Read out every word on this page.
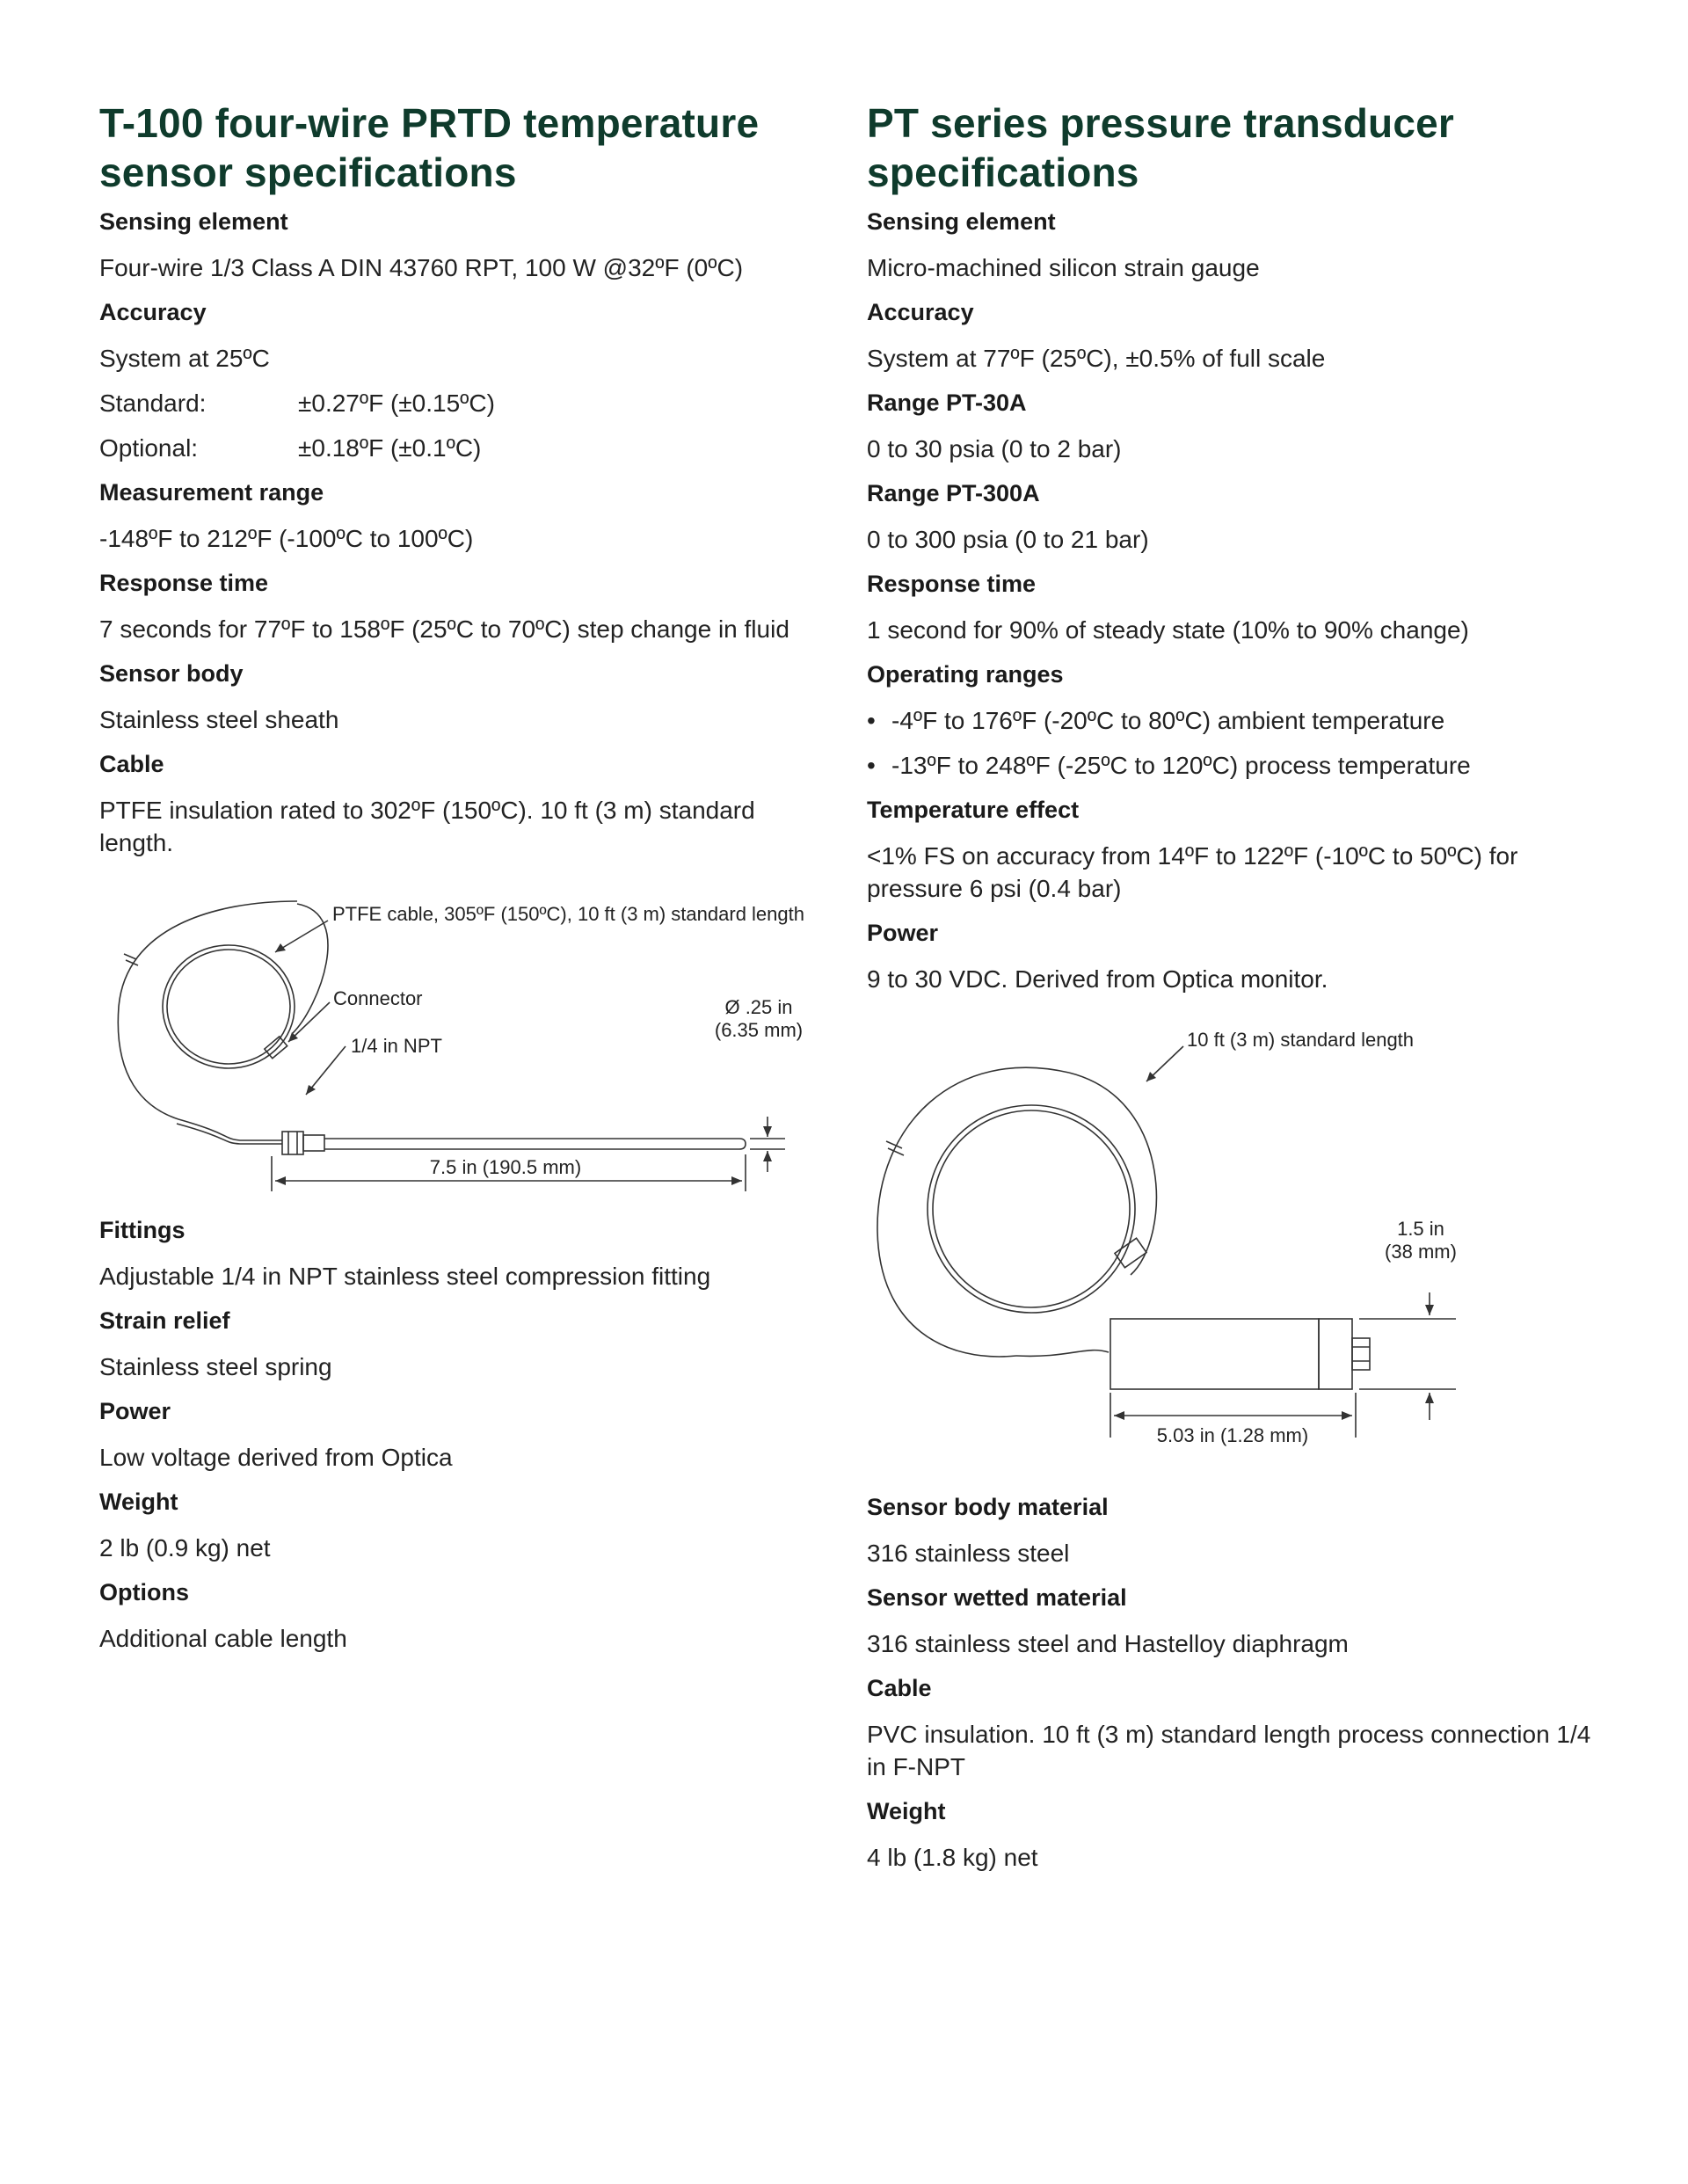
T-100 four-wire PRTD temperature sensor specifications
Sensing element
Four-wire 1/3 Class A DIN 43760 RPT, 100 W @32ºF (0ºC)
Accuracy
System at 25ºC
Standard:	±0.27ºF (±0.15ºC)
Optional:	±0.18ºF (±0.1ºC)
Measurement range
-148ºF to 212ºF (-100ºC to 100ºC)
Response time
7 seconds for 77ºF to 158ºF (25ºC to 70ºC) step change in fluid
Sensor body
Stainless steel sheath
Cable
PTFE insulation rated to 302ºF (150ºC). 10 ft (3 m) standard length.
PTFE cable, 305ºF (150ºC), 10 ft (3 m) standard length
Connector
1/4 in NPT
Ø .25 in
(6.35 mm)
7.5 in (190.5 mm)
Fittings
Adjustable 1/4 in NPT stainless steel compression fitting
Strain relief
Stainless steel spring
Power
Low voltage derived from Optica
Weight
2 lb (0.9 kg) net
Options
Additional cable length
PT series pressure transducer specifications
Sensing element
Micro-machined silicon strain gauge
Accuracy
System at 77ºF (25ºC), ±0.5% of full scale
Range PT-30A
0 to 30 psia (0 to 2 bar)
Range PT-300A
0 to 300 psia (0 to 21 bar)
Response time
1 second for 90% of steady state (10% to 90% change)
Operating ranges
• -4ºF to 176ºF (-20ºC to 80ºC) ambient temperature
• -13ºF to 248ºF (-25ºC to 120ºC) process temperature
Temperature effect
<1% FS on accuracy from 14ºF to 122ºF (-10ºC to 50ºC) for pressure 6 psi (0.4 bar)
Power
9 to 30 VDC. Derived from Optica monitor.
10 ft (3 m) standard length
1.5 in
(38 mm)
5.03 in (1.28 mm)
Sensor body material
316 stainless steel
Sensor wetted material
316 stainless steel and Hastelloy diaphragm
Cable
PVC insulation. 10 ft (3 m) standard length process connection 1/4 in F-NPT
Weight
4 lb (1.8 kg) net
